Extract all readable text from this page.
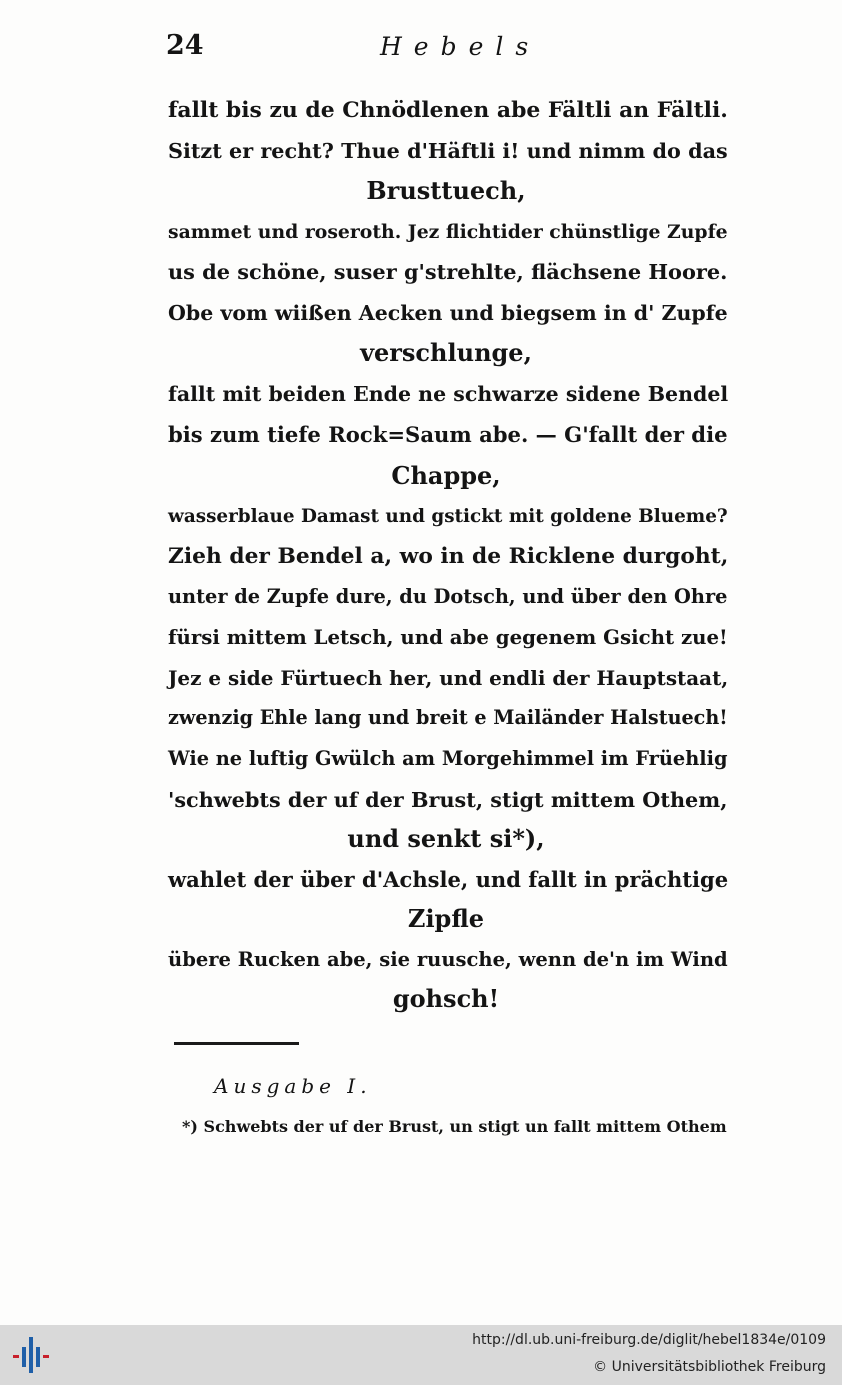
24	Hebels
fallt bis zu de Chnödlenen abe Fältli an Fältli.
Sitzt er recht? Thue d'Häftli i! und nimm do das
Brusttuech,
sammet und roseroth. Jez flichtider chünstlige Zupfe
us de schöne, suser g'strehlte, flächsene Hoore.
Obe vom wiißen Aecken und biegsem in d' Zupfe
verschlunge,
fallt mit beiden Ende ne schwarze sidene Bendel
bis zum tiefe Rock=Saum abe. — G'fallt der die
Chappe,
wasserblaue Damast und gstickt mit goldene Blueme?
Zieh der Bendel a, wo in de Ricklene durgoht,
unter de Zupfe dure, du Dotsch, und über den Ohre
fürsi mittem Letsch, und abe gegenem Gsicht zue!
Jez e side Fürtuech her, und endli der Hauptstaat,
zwenzig Ehle lang und breit e Mailänder Halstuech!
Wie ne luftig Gwülch am Morgehimmel im Früehlig
'schwebts der uf der Brust, stigt mittem Othem,
und senkt si*),
wahlet der über d'Achsle, und fallt in prächtige
Zipfle
übere Rucken abe, sie ruusche, wenn de'n im Wind
gohsch!
Ausgabe I.
*) Schwebts der uf der Brust, un stigt un fallt mittem Othem
http://dl.ub.uni-freiburg.de/diglit/hebel1834e/0109
© Universitätsbibliothek Freiburg
